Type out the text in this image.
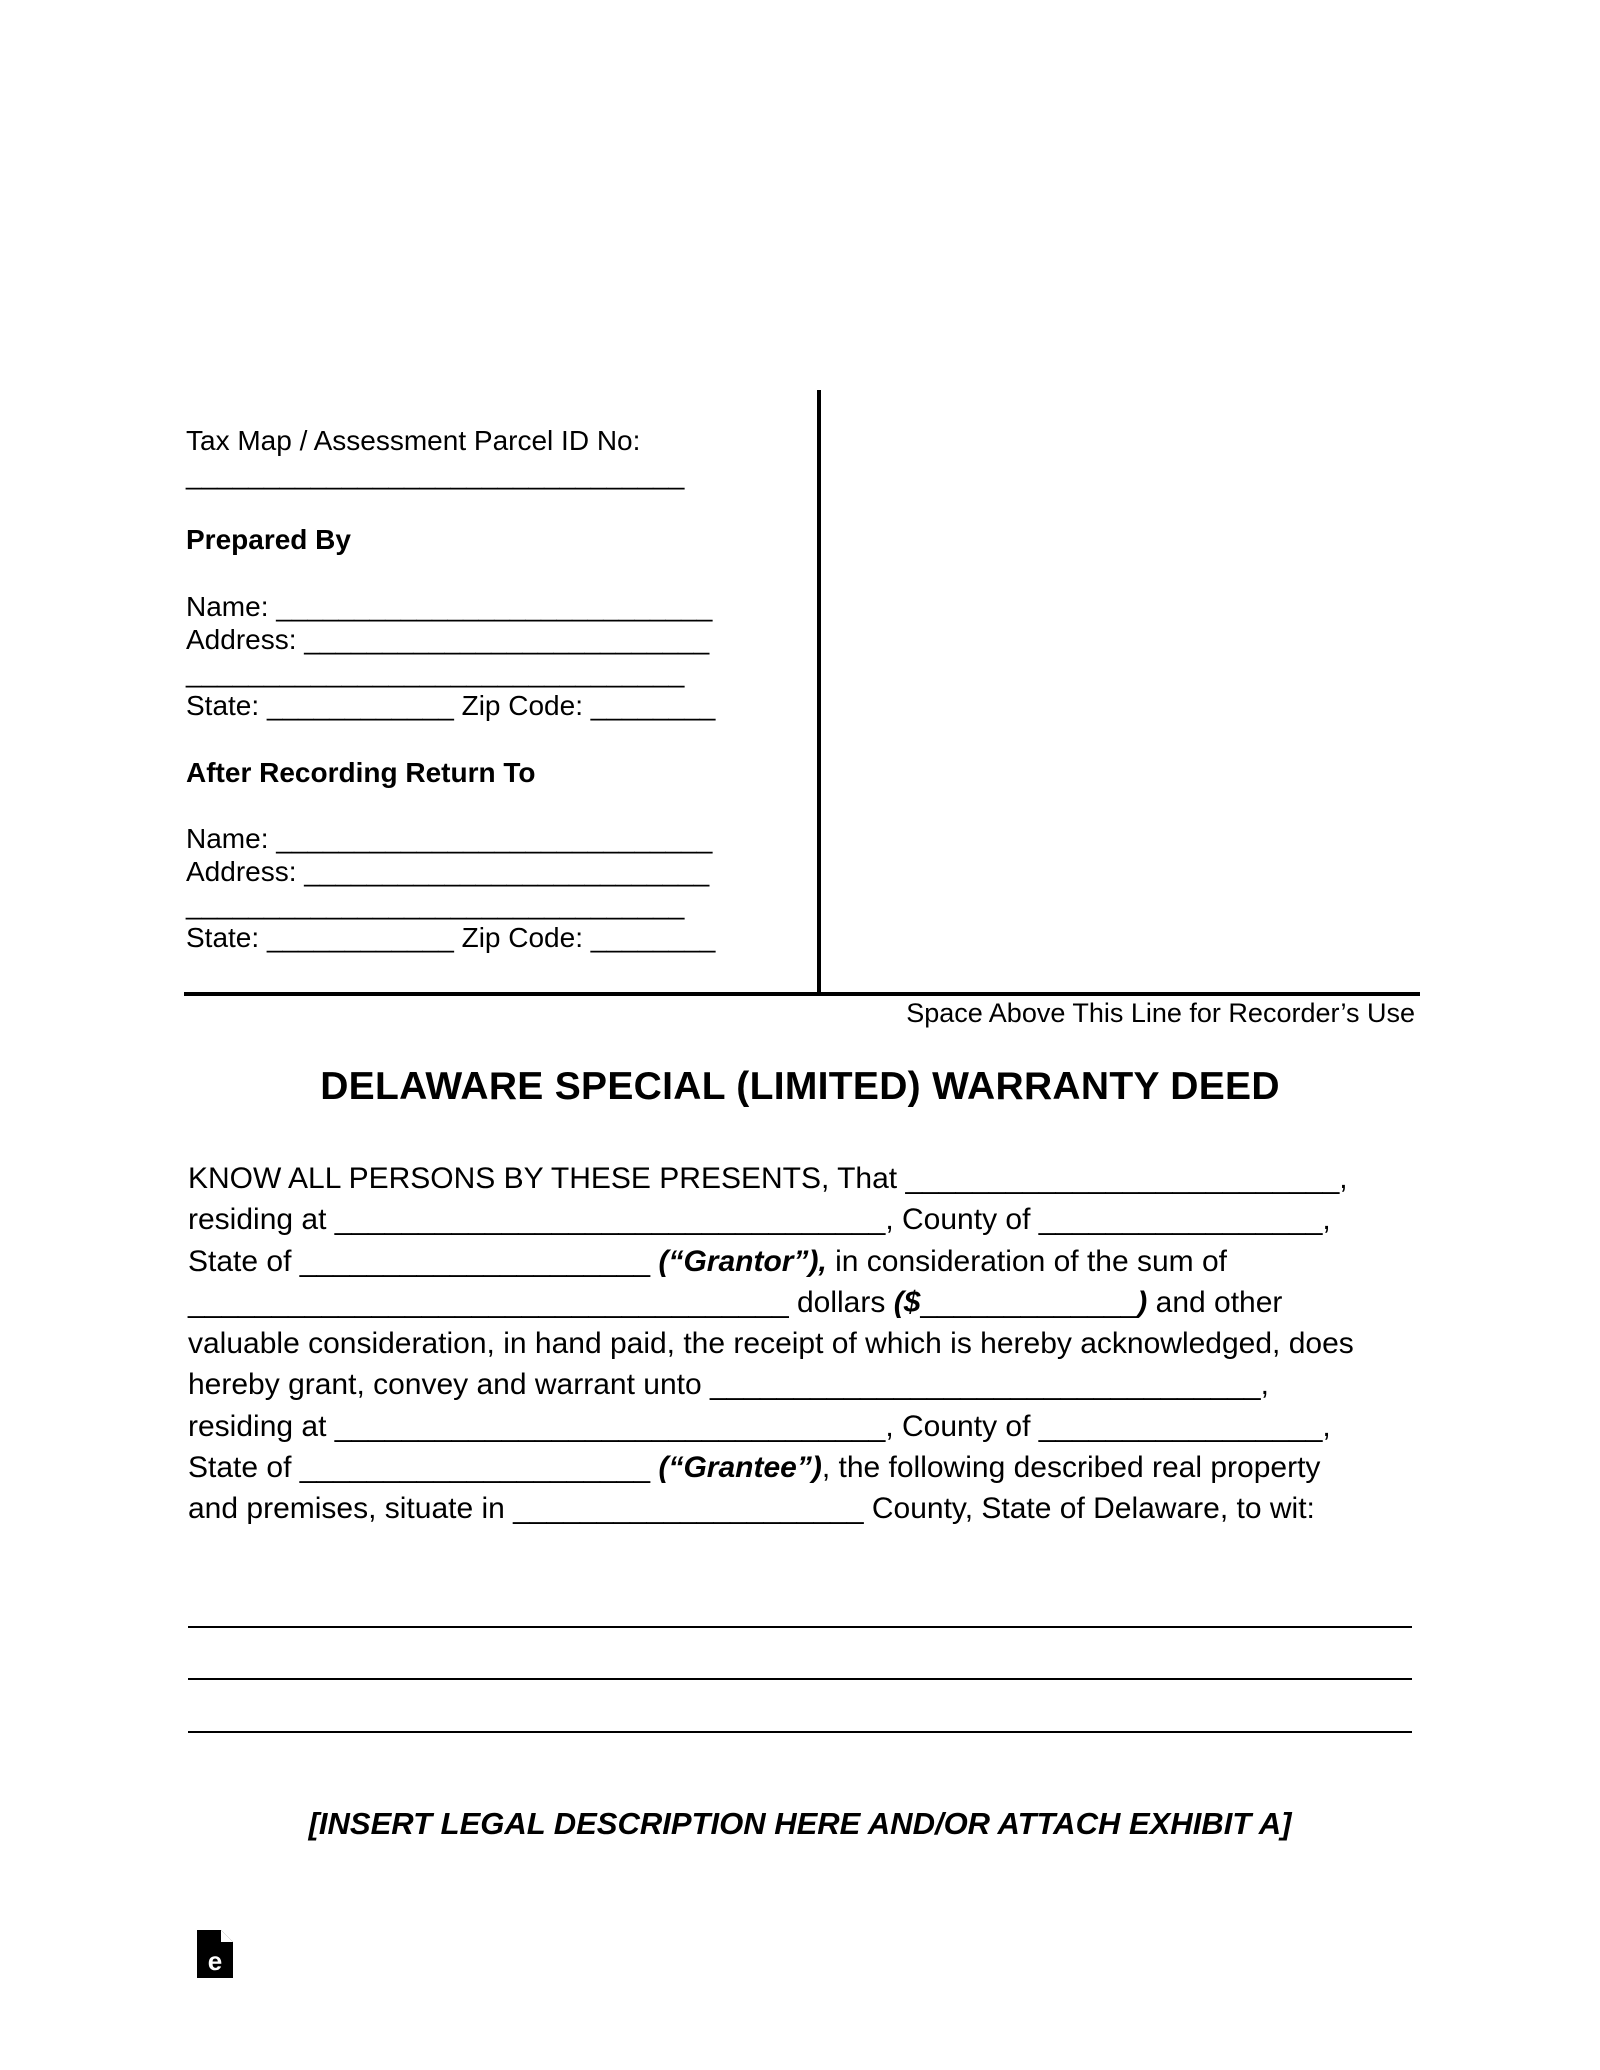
Tax Map / Assessment Parcel ID No:
________________________________
Prepared By
Name: ____________________________
Address: __________________________
________________________________
State: ____________ Zip Code: ________
After Recording Return To
Name: ____________________________
Address: __________________________
________________________________
State: ____________ Zip Code: ________
Space Above This Line for Recorder’s Use
DELAWARE SPECIAL (LIMITED) WARRANTY DEED
KNOW ALL PERSONS BY THESE PRESENTS, That __________________________,
residing at _________________________________, County of _________________,
State of _____________________ (“Grantor”), in consideration of the sum of
____________________________________ dollars ($_____________) and other
valuable consideration, in hand paid, the receipt of which is hereby acknowledged, does
hereby grant, convey and warrant unto _________________________________,
residing at _________________________________, County of _________________,
State of _____________________ (“Grantee”), the following described real property
and premises, situate in _____________________ County, State of Delaware, to wit:
[INSERT LEGAL DESCRIPTION HERE AND/OR ATTACH EXHIBIT A]
e
